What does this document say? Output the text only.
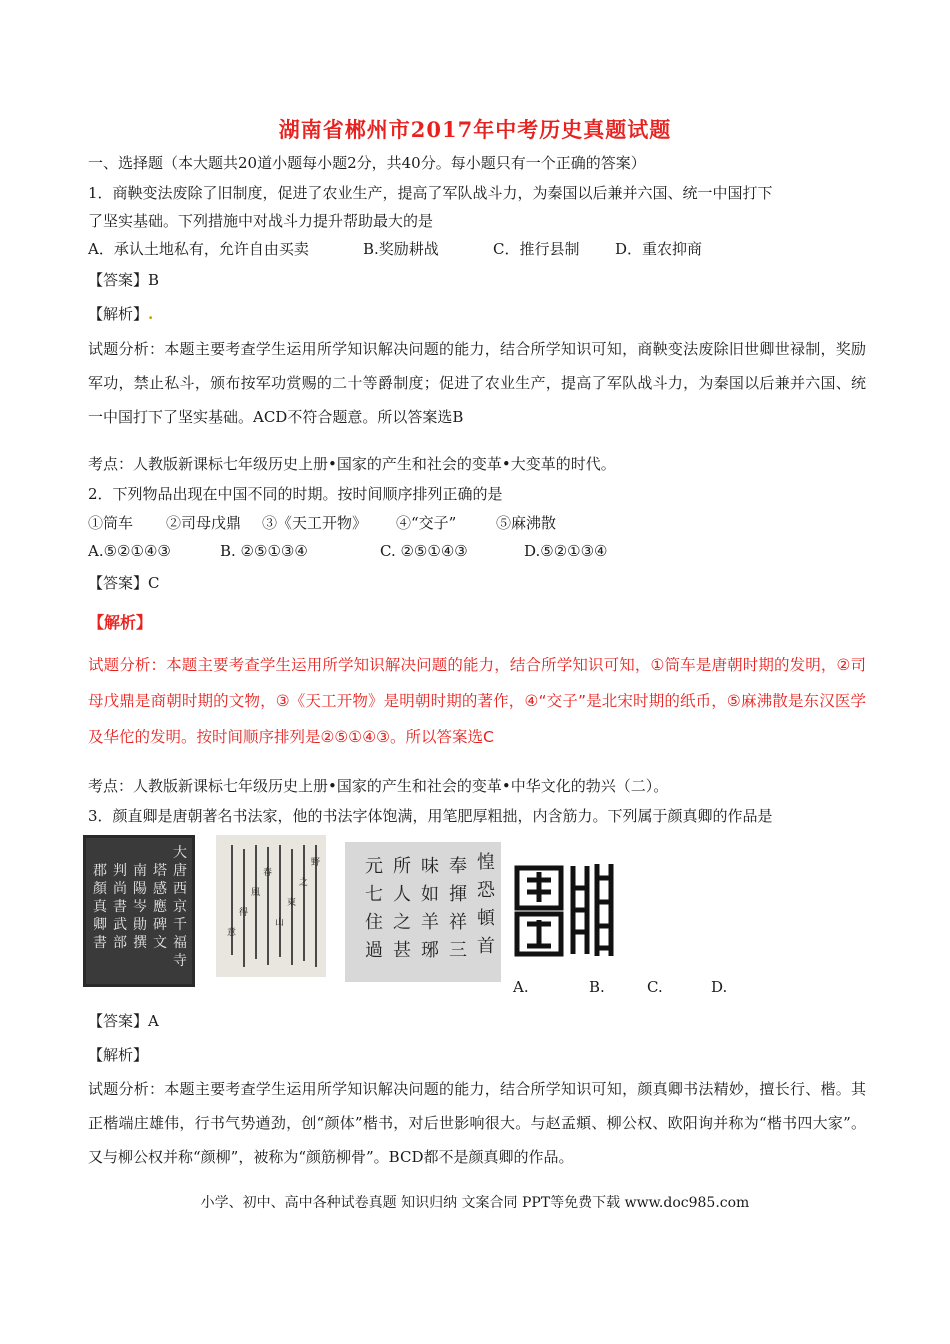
湖南省郴州市2017年中考历史真题试题
一、选择题（本大题共20道小题每小题2分，共40分。每小题只有一个正确的答案）
1．商鞅变法废除了旧制度，促进了农业生产，提高了军队战斗力，为秦国以后兼并六国、统一中国打下
了坚实基础。下列措施中对战斗力提升帮助最大的是
A．承认土地私有，允许自由买卖	B.奖励耕战	C．推行县制 D．重农抑商
【答案】B
【解析】.
试题分析：本题主要考查学生运用所学知识解决问题的能力，结合所学知识可知，商鞅变法废除旧世卿世禄制，奖励军功，禁止私斗，颁布按军功赏赐的二十等爵制度；促进了农业生产，提高了军队战斗力，为秦国以后兼并六国、统一中国打下了坚实基础。ACD不符合题意。所以答案选B
考点：人教版新课标七年级历史上册•国家的产生和社会的变革•大变革的时代。
2．下列物品出现在中国不同的时期。按时间顺序排列正确的是
①筒车 ②司母戊鼎 ③《天工开物》 ④“交子”	⑤麻沸散
A.⑤②①④③	B. ②⑤①③④	C. ②⑤①④③	D.⑤②①③④
【答案】C
【解析】
试题分析：本题主要考查学生运用所学知识解决问题的能力，结合所学知识可知，①筒车是唐朝时期的发明，②司母戊鼎是商朝时期的文物，③《天工开物》是明朝时期的著作，④“交子”是北宋时期的纸币，⑤麻沸散是东汉医学及华佗的发明。按时间顺序排列是②⑤①④③。所以答案选C
考点：人教版新课标七年级历史上册•国家的产生和社会的变革•中华文化的勃兴（二）。
3．颜直卿是唐朝著名书法家，他的书法字体饱满，用笔肥厚粗拙，内含筋力。下列属于颜真卿的作品是
大
唐
西
京
千
福
寺
塔
感
應
碑
文
南
陽
岑
勛
撰
判
尚
書
武
部
郡
顏
真
卿
書
野
之
東
山
春
風
得
意
惶
恐
頓
首
奉
揮
祥
三
味
如
羊
琊
所
人
之
甚
元
七
住
過
A.	B.	C.	D.
【答案】A
【解析】
试题分析：本题主要考查学生运用所学知识解决问题的能力，结合所学知识可知，颜真卿书法精妙，擅长行、楷。其正楷端庄雄伟，行书气势遒劲，创“颜体”楷书，对后世影响很大。与赵孟頫、柳公权、欧阳询并称为“楷书四大家”。又与柳公权并称“颜柳”，被称为“颜筋柳骨”。BCD都不是颜真卿的作品。
小学、初中、高中各种试卷真题 知识归纳 文案合同 PPT等免费下载 www.doc985.com
